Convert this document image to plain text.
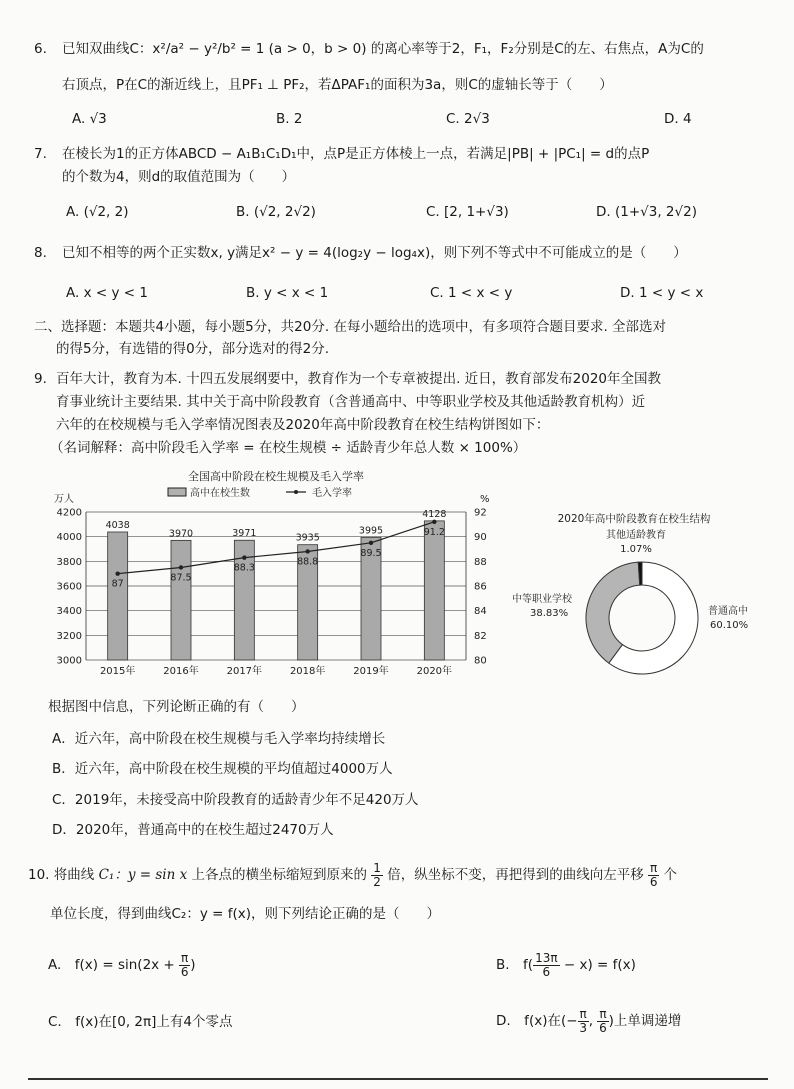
6. 已知双曲线C：x²/a² − y²/b² = 1 (a > 0，b > 0) 的离心率等于2，F₁，F₂分别是C的左、右焦点，A为C的
右顶点，P在C的渐近线上，且PF₁ ⊥ PF₂，若ΔPAF₁的面积为3a，则C的虚轴长等于（　　）
A. √3	B. 2	C. 2√3	D. 4
7. 在棱长为1的正方体ABCD − A₁B₁C₁D₁中，点P是正方体棱上一点，若满足|PB| + |PC₁| = d的点P
的个数为4，则d的取值范围为（　　）
A. (√2, 2)	B. (√2, 2√2)	C. [2, 1+√3)	D. (1+√3, 2√2)
8. 已知不相等的两个正实数x, y满足x² − y = 4(log₂y − log₄x)，则下列不等式中不可能成立的是（　　）
A. x < y < 1	B. y < x < 1	C. 1 < x < y	D. 1 < y < x
二、选择题：本题共4小题，每小题5分，共20分. 在每小题给出的选项中，有多项符合题目要求. 全部选对
的得5分，有选错的得0分，部分选对的得2分.
9. 百年大计，教育为本. 十四五发展纲要中，教育作为一个专章被提出. 近日，教育部发布2020年全国教
育事业统计主要结果. 其中关于高中阶段教育（含普通高中、中等职业学校及其他适龄教育机构）近
六年的在校规模与毛入学率情况图表及2020年高中阶段教育在校生结构饼图如下：
（名词解释：高中阶段毛入学率 = 在校生规模 ÷ 适龄青少年总人数 × 100%）
全国高中阶段在校生规模及毛入学率
高中在校生数	毛入学率
万人	%
3000
3200
3400
3600
3800
4000
4200
80
82
84
86
88
90
92
4038
2015年
3970
2016年
3971
2017年
3935
2018年
3995
2019年
4128
2020年
87
87.5
88.3
88.8
89.5
91.2
2020年高中阶段教育在校生结构
普通高中
60.10%
中等职业学校
38.83%
其他适龄教育
1.07%
根据图中信息，下列论断正确的有（　　）
A．近六年，高中阶段在校生规模与毛入学率均持续增长
B．近六年，高中阶段在校生规模的平均值超过4000万人
C．2019年，未接受高中阶段教育的适龄青少年不足420万人
D．2020年，普通高中的在校生超过2470万人
10. 将曲线 C₁：y = sin x 上各点的横坐标缩短到原来的 $\frac{1}{2}$ 倍，纵坐标不变，再把得到的曲线向左平移 $\frac{\pi}{6}$ 个
单位长度，得到曲线C₂：y = f(x)，则下列结论正确的是（　　）
A.　$f(x) = \sin(2x + \frac{\pi}{6}$ )	B.　$f( \frac{13\pi}{6} - x) = f(x)$
C.　f(x)在[0, 2π]上有4个零点	D.　f(x)在(− $\frac{\pi}{3}$ , $\frac{\pi}{6}$ )上单调递增
